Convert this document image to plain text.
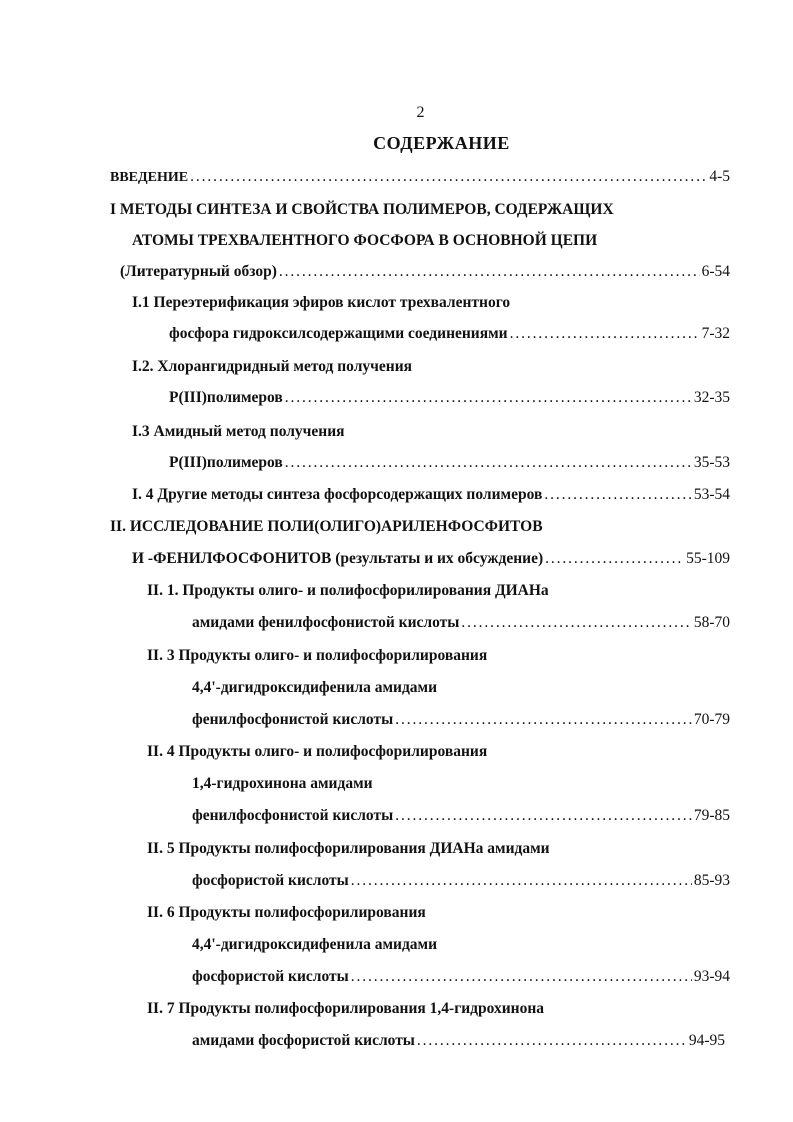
2
СОДЕРЖАНИЕ
ВВЕДЕНИЕ . . .	4-5
I МЕТОДЫ СИНТЕЗА И СВОЙСТВА ПОЛИМЕРОВ, СОДЕРЖАЩИХ
АТОМЫ ТРЕХВАЛЕНТНОГО ФОСФОРА В ОСНОВНОЙ ЦЕПИ
(Литературный обзор) . . .	6-54
I.1 Переэтерификация эфиров кислот трехвалентного
фосфора гидроксилсодержащими соединениями . . .	7-32
I.2. Хлорангидридный метод получения
Р(III)полимеров . . .	32-35
I.3 Амидный метод получения
Р(III)полимеров . . .	35-53
I. 4 Другие методы синтеза фосфорсодержащих полимеров . . .	53-54
II. ИССЛЕДОВАНИЕ ПОЛИ(ОЛИГО)АРИЛЕНФОСФИТОВ
И -ФЕНИЛФОСФОНИТОВ (результаты и их обсуждение) . . .	55-109
II. 1. Продукты олиго- и полифосфорилирования ДИАНа
амидами фенилфосфонистой кислоты . . .	58-70
II. 3 Продукты олиго- и полифосфорилирования
4,4'-дигидроксидифенила амидами
фенилфосфонистой кислоты . . .	70-79
II. 4 Продукты олиго- и полифосфорилирования
1,4-гидрохинона амидами
фенилфосфонистой кислоты . . .	79-85
II. 5 Продукты полифосфорилирования ДИАНа амидами
фосфористой кислоты . . .	85-93
II. 6 Продукты полифосфорилирования
4,4'-дигидроксидифенила амидами
фосфористой кислоты . . .	93-94
II. 7 Продукты полифосфорилирования 1,4-гидрохинона
амидами фосфористой кислоты . . .	94-95
